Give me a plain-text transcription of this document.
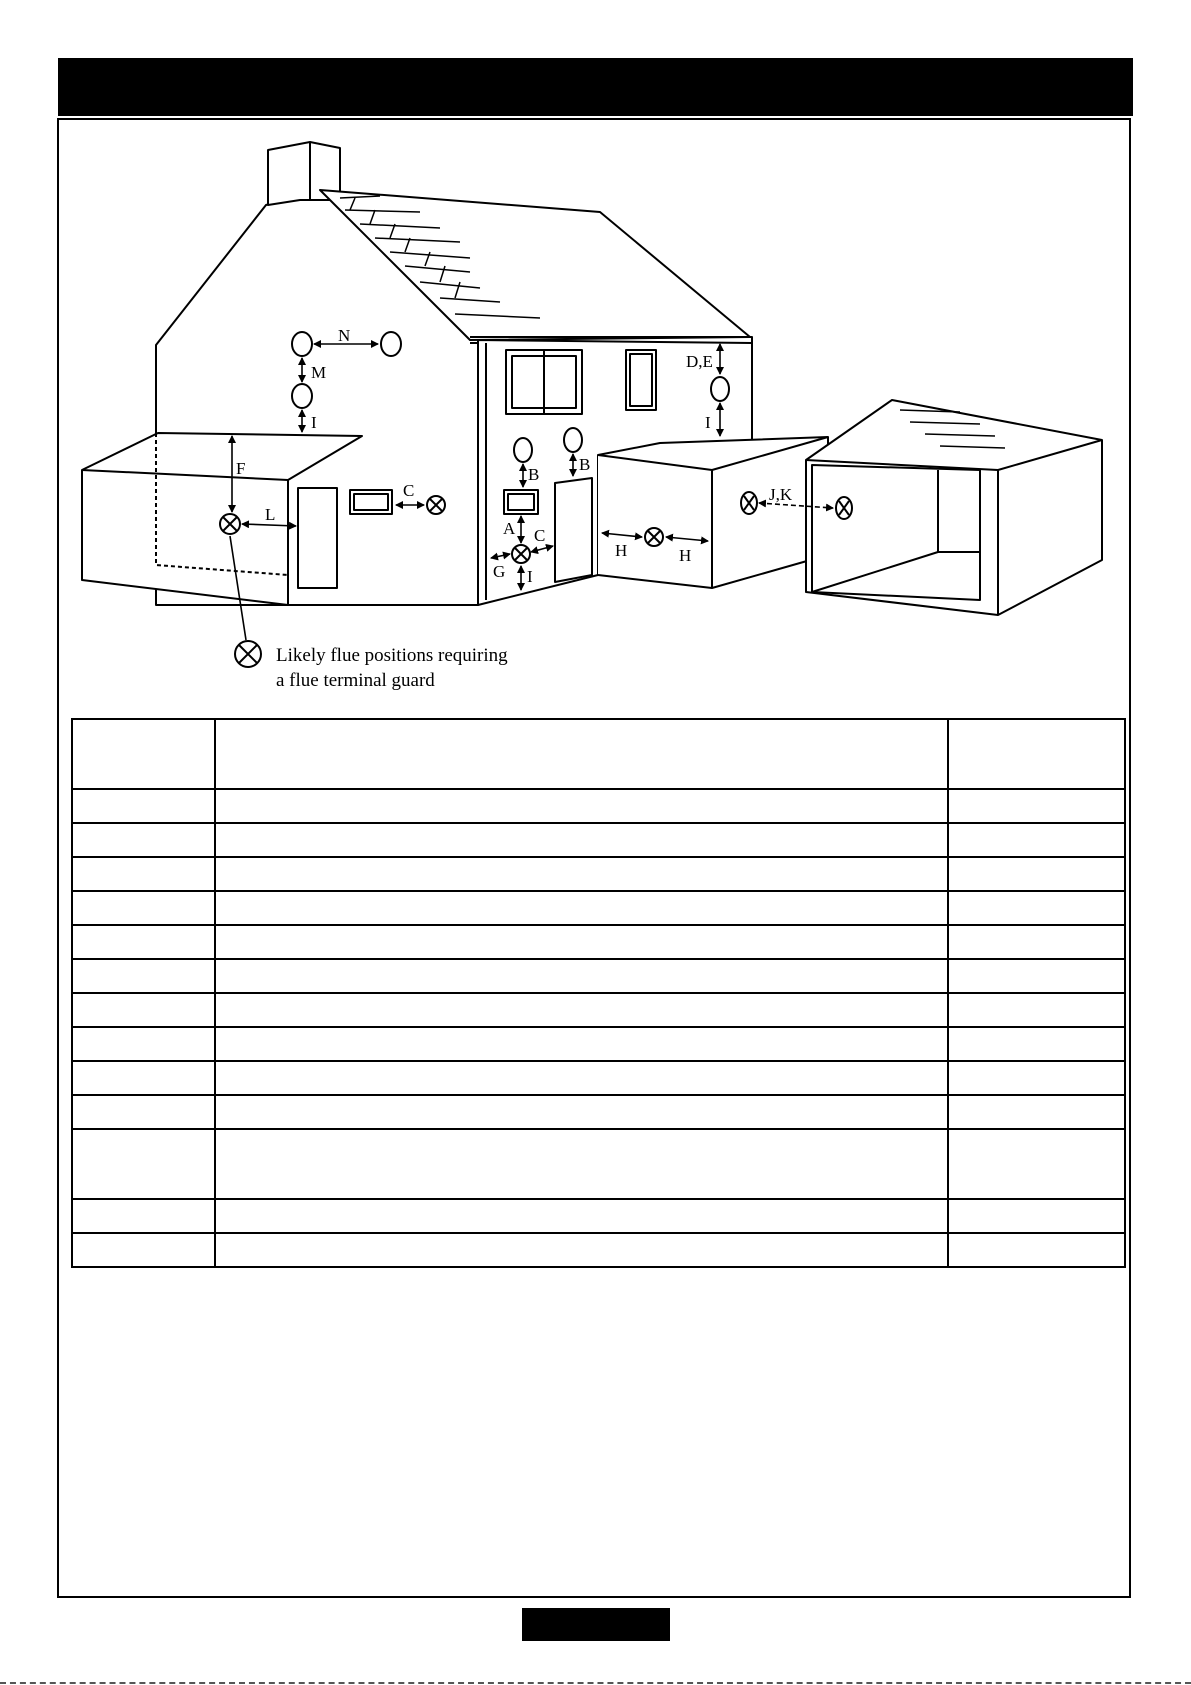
N
M
I
F
L
C
B
B
A C
G I
H	H
D,E
I
J,K
Likely flue positions requiring
a flue terminal guard
